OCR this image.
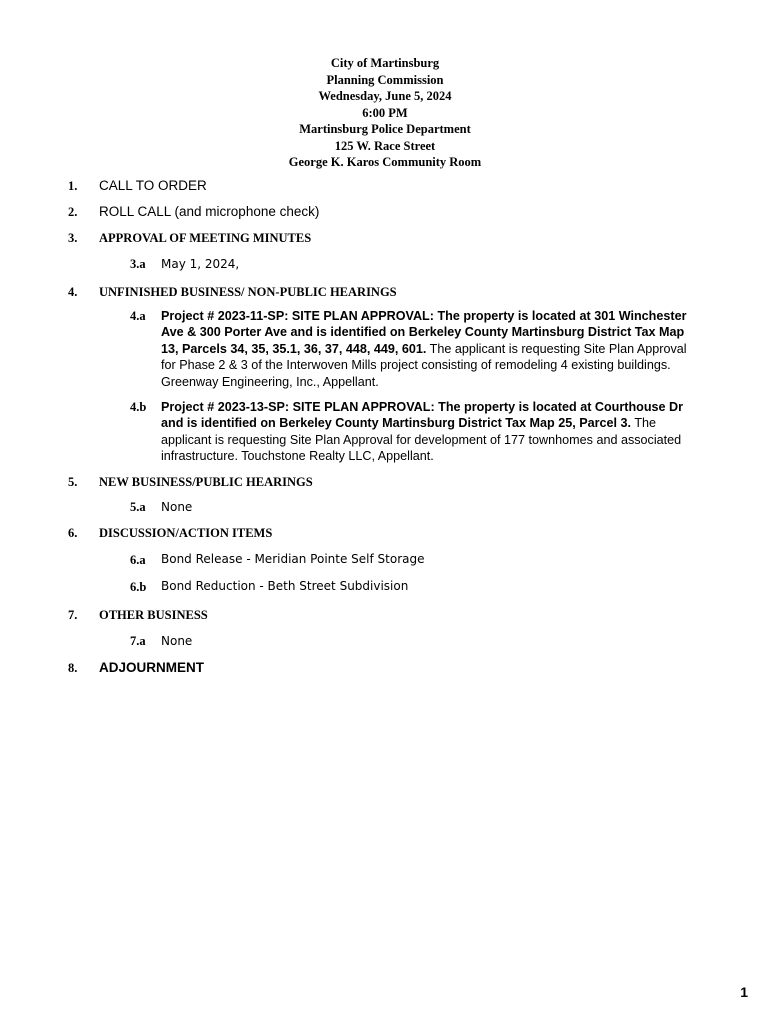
City of Martinsburg
Planning Commission
Wednesday, June 5, 2024
6:00 PM
Martinsburg Police Department
125 W. Race Street
George K. Karos Community Room
1. CALL TO ORDER
2. ROLL CALL (and microphone check)
3. APPROVAL OF MEETING MINUTES
3.a May 1, 2024,
4. UNFINISHED BUSINESS/ NON-PUBLIC HEARINGS
4.a Project # 2023-11-SP: SITE PLAN APPROVAL: The property is located at 301 Winchester Ave & 300 Porter Ave and is identified on Berkeley County Martinsburg District Tax Map 13, Parcels 34, 35, 35.1, 36, 37, 448, 449, 601. The applicant is requesting Site Plan Approval for Phase 2 & 3 of the Interwoven Mills project consisting of remodeling 4 existing buildings. Greenway Engineering, Inc., Appellant.
4.b Project # 2023-13-SP: SITE PLAN APPROVAL: The property is located at Courthouse Dr and is identified on Berkeley County Martinsburg District Tax Map 25, Parcel 3. The applicant is requesting Site Plan Approval for development of 177 townhomes and associated infrastructure. Touchstone Realty LLC, Appellant.
5. NEW BUSINESS/PUBLIC HEARINGS
5.a None
6. DISCUSSION/ACTION ITEMS
6.a Bond Release - Meridian Pointe Self Storage
6.b Bond Reduction - Beth Street Subdivision
7. OTHER BUSINESS
7.a None
8. ADJOURNMENT
1
